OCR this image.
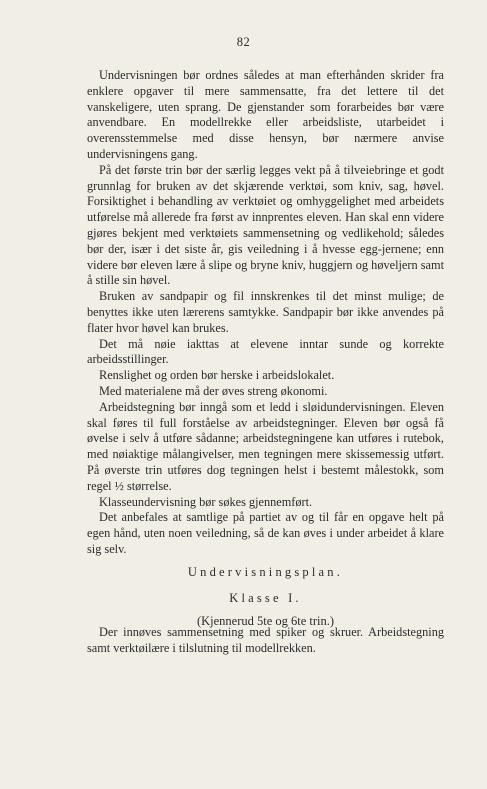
82

Undervisningen bør ordnes således at man efterhånden skrider fra enklere opgaver til mere sammensatte, fra det lettere til det vanskeligere, uten sprang. De gjenstander som forarbeides bør være anvendbare. En modellrekke eller arbeidsliste, utarbeidet i overensstemmelse med disse hensyn, bør nærmere anvise undervisningens gang.

På det første trin bør der særlig legges vekt på å tilveiebringe et godt grunnlag for bruken av det skjærende verktøi, som kniv, sag, høvel. Forsiktighet i behandling av verktøiet og omhyggelighet med arbeidets utførelse må allerede fra først av innprentes eleven. Han skal enn videre gjøres bekjent med verktøiets sammensetning og vedlikehold; således bør der, især i det siste år, gis veiledning i å hvesse egg-jernene; enn videre bør eleven lære å slipe og bryne kniv, huggjern og høveljern samt å stille sin høvel.

Bruken av sandpapir og fil innskrenkes til det minst mulige; de benyttes ikke uten lærerens samtykke. Sandpapir bør ikke anvendes på flater hvor høvel kan brukes.

Det må nøie iakttas at elevene inntar sunde og korrekte arbeidsstillinger.

Renslighet og orden bør herske i arbeidslokalet.

Med materialene må der øves streng økonomi.

Arbeidstegning bør inngå som et ledd i sløidundervisningen. Eleven skal føres til full forståelse av arbeidstegninger. Eleven bør også få øvelse i selv å utføre sådanne; arbeidstegningene kan utføres i rutebok, med nøiaktige målangivelser, men tegningen mere skissemessig utført. På øverste trin utføres dog tegningen helst i bestemt målestokk, som regel ½ størrelse.

Klasseundervisning bør søkes gjennemført.

Det anbefales at samtlige på partiet av og til får en opgave helt på egen hånd, uten noen veiledning, så de kan øves i under arbeidet å klare sig selv.

Undervisningsplan.

Klasse I.

(Kjennerud 5te og 6te trin.)

Der innøves sammensetning med spiker og skruer. Arbeidstegning samt verktøilære i tilslutning til modellrekken.
